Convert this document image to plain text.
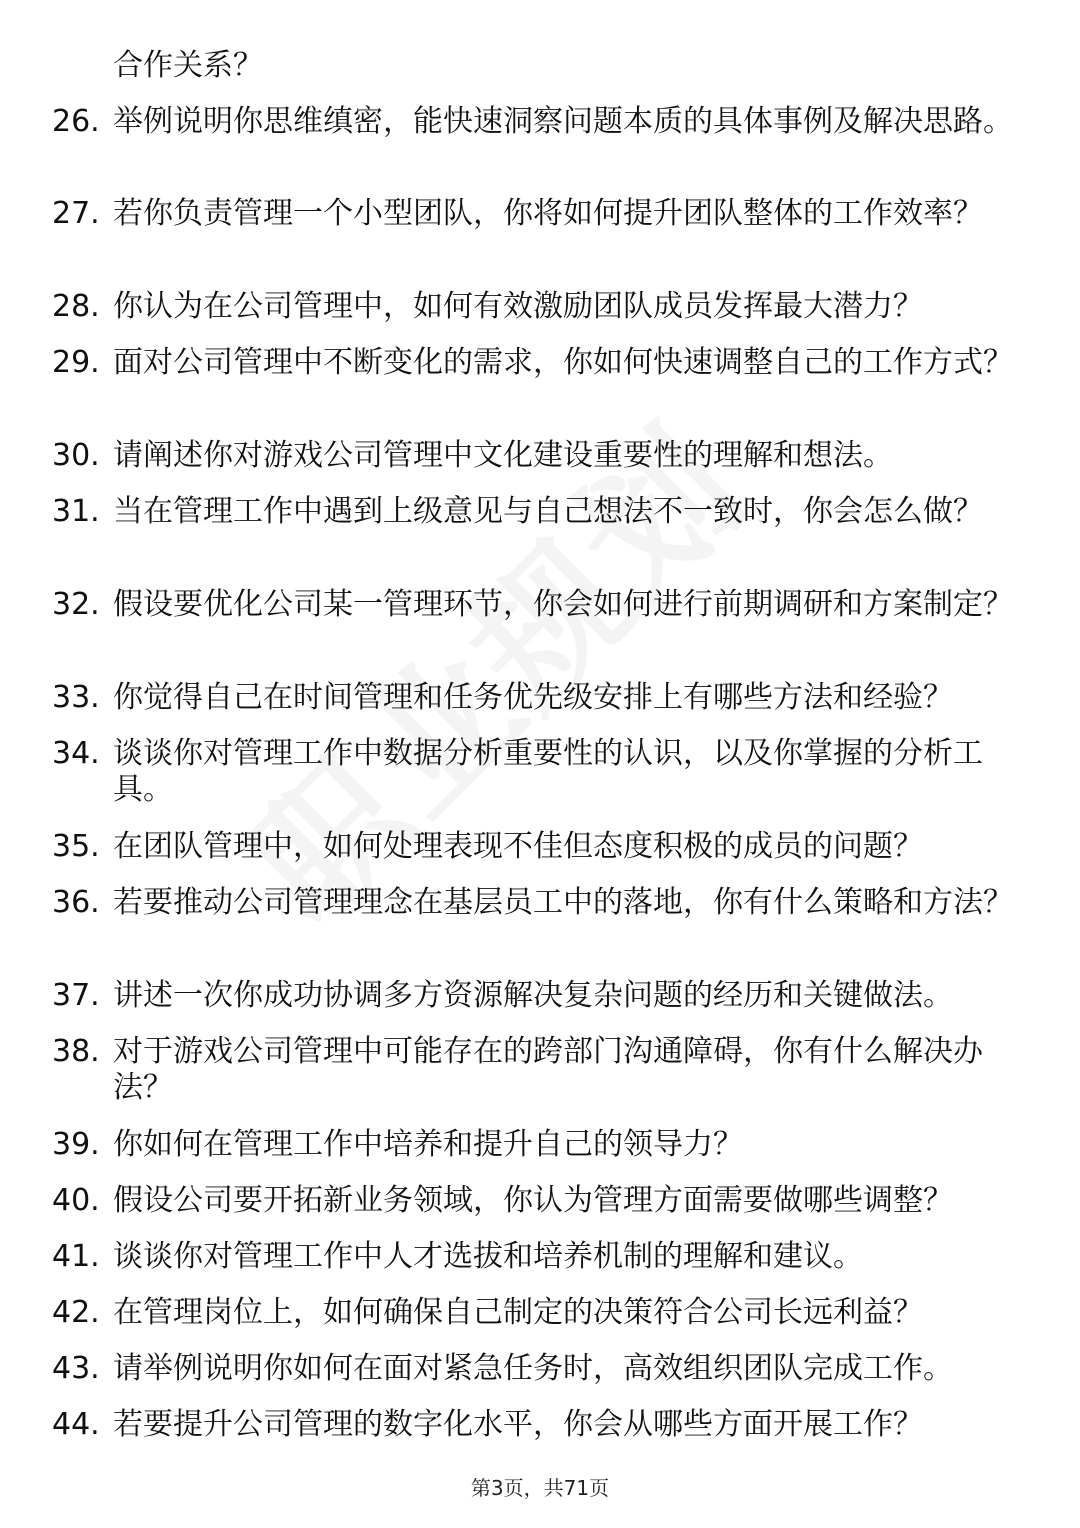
合作关系？
26. 举例说明你思维缜密，能快速洞察问题本质的具体事例及解决思路。
27. 若你负责管理一个小型团队，你将如何提升团队整体的工作效率？
28. 你认为在公司管理中，如何有效激励团队成员发挥最大潜力？
29. 面对公司管理中不断变化的需求，你如何快速调整自己的工作方式？
30. 请阐述你对游戏公司管理中文化建设重要性的理解和想法。
31. 当在管理工作中遇到上级意见与自己想法不一致时，你会怎么做？
32. 假设要优化公司某一管理环节，你会如何进行前期调研和方案制定？
33. 你觉得自己在时间管理和任务优先级安排上有哪些方法和经验？
34. 谈谈你对管理工作中数据分析重要性的认识，以及你掌握的分析工具。
35. 在团队管理中，如何处理表现不佳但态度积极的成员的问题？
36. 若要推动公司管理理念在基层员工中的落地，你有什么策略和方法？
37. 讲述一次你成功协调多方资源解决复杂问题的经历和关键做法。
38. 对于游戏公司管理中可能存在的跨部门沟通障碍，你有什么解决办法？
39. 你如何在管理工作中培养和提升自己的领导力？
40. 假设公司要开拓新业务领域，你认为管理方面需要做哪些调整？
41. 谈谈你对管理工作中人才选拔和培养机制的理解和建议。
42. 在管理岗位上，如何确保自己制定的决策符合公司长远利益？
43. 请举例说明你如何在面对紧急任务时，高效组织团队完成工作。
44. 若要提升公司管理的数字化水平，你会从哪些方面开展工作？
第3页，共71页
